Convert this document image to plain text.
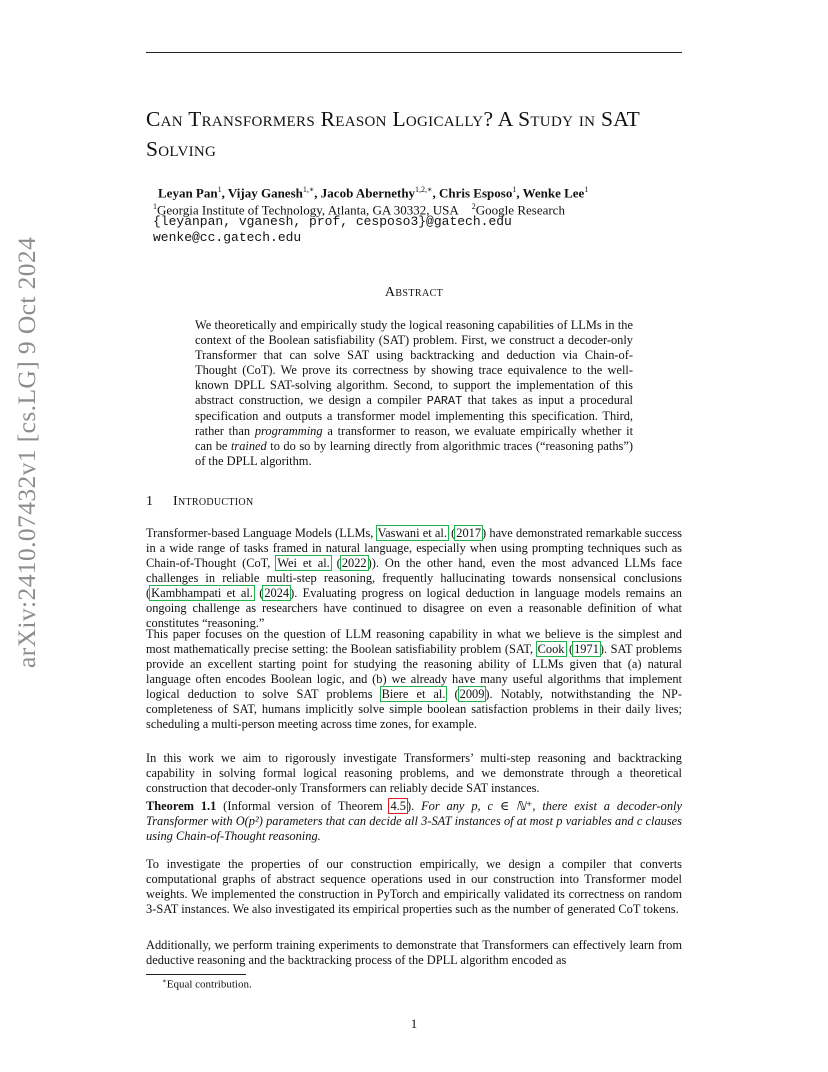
arXiv:2410.07432v1 [cs.LG] 9 Oct 2024
Can Transformers Reason Logically? A Study in SAT Solving
Leyan Pan$^1$, Vijay Ganesh$^{1,∗}$, Jacob Abernethy$^{1,2,∗}$, Chris Esposo$^1$, Wenke Lee$^1$
$^1$Georgia Institute of Technology, Atlanta, GA 30332, USA $^2$Google Research
{leyanpan, vganesh, prof, cesposo3}@gatech.edu
wenke@cc.gatech.edu
Abstract

We theoretically and empirically study the logical reasoning capabilities of LLMs in the context of the Boolean satisfiability (SAT) problem. First, we construct a decoder-only Transformer that can solve SAT using backtracking and deduction via Chain-of-Thought (CoT). We prove its correctness by showing trace equivalence to the well-known DPLL SAT-solving algorithm. Second, to support the implementation of this abstract construction, we design a compiler PARAT that takes as input a procedural specification and outputs a transformer model implementing this specification. Third, rather than programming a transformer to reason, we evaluate empirically whether it can be trained to do so by learning directly from algorithmic traces (“reasoning paths”) of the DPLL algorithm.

1 Introduction

Transformer-based Language Models (LLMs, Vaswani et al. (2017) have demonstrated remarkable success in a wide range of tasks framed in natural language, especially when using prompting techniques such as Chain-of-Thought (CoT, Wei et al. (2022)). On the other hand, even the most advanced LLMs face challenges in reliable multi-step reasoning, frequently hallucinating towards nonsensical conclusions (Kambhampati et al. (2024). Evaluating progress on logical deduction in language models remains an ongoing challenge as researchers have continued to disagree on even a reasonable definition of what constitutes “reasoning.”

This paper focuses on the question of LLM reasoning capability in what we believe is the simplest and most mathematically precise setting: the Boolean satisfiability problem (SAT, Cook (1971). SAT problems provide an excellent starting point for studying the reasoning ability of LLMs given that (a) natural language often encodes Boolean logic, and (b) we already have many useful algorithms that implement logical deduction to solve SAT problems Biere et al. (2009). Notably, notwithstanding the NP-completeness of SAT, humans implicitly solve simple boolean satisfaction problems in their daily lives; scheduling a multi-person meeting across time zones, for example.

In this work we aim to rigorously investigate Transformers’ multi-step reasoning and backtracking capability in solving formal logical reasoning problems, and we demonstrate through a theoretical construction that decoder-only Transformers can reliably decide SAT instances.

Theorem 1.1 (Informal version of Theorem 4.5). For any p, c ∈ ℕ⁺, there exist a decoder-only Transformer with O(p²) parameters that can decide all 3-SAT instances of at most p variables and c clauses using Chain-of-Thought reasoning.

To investigate the properties of our construction empirically, we design a compiler that converts computational graphs of abstract sequence operations used in our construction into Transformer model weights. We implemented the construction in PyTorch and empirically validated its correctness on random 3-SAT instances. We also investigated its empirical properties such as the number of generated CoT tokens.

Additionally, we perform training experiments to demonstrate that Transformers can effectively learn from deductive reasoning and the backtracking process of the DPLL algorithm encoded as

∗Equal contribution.
1
